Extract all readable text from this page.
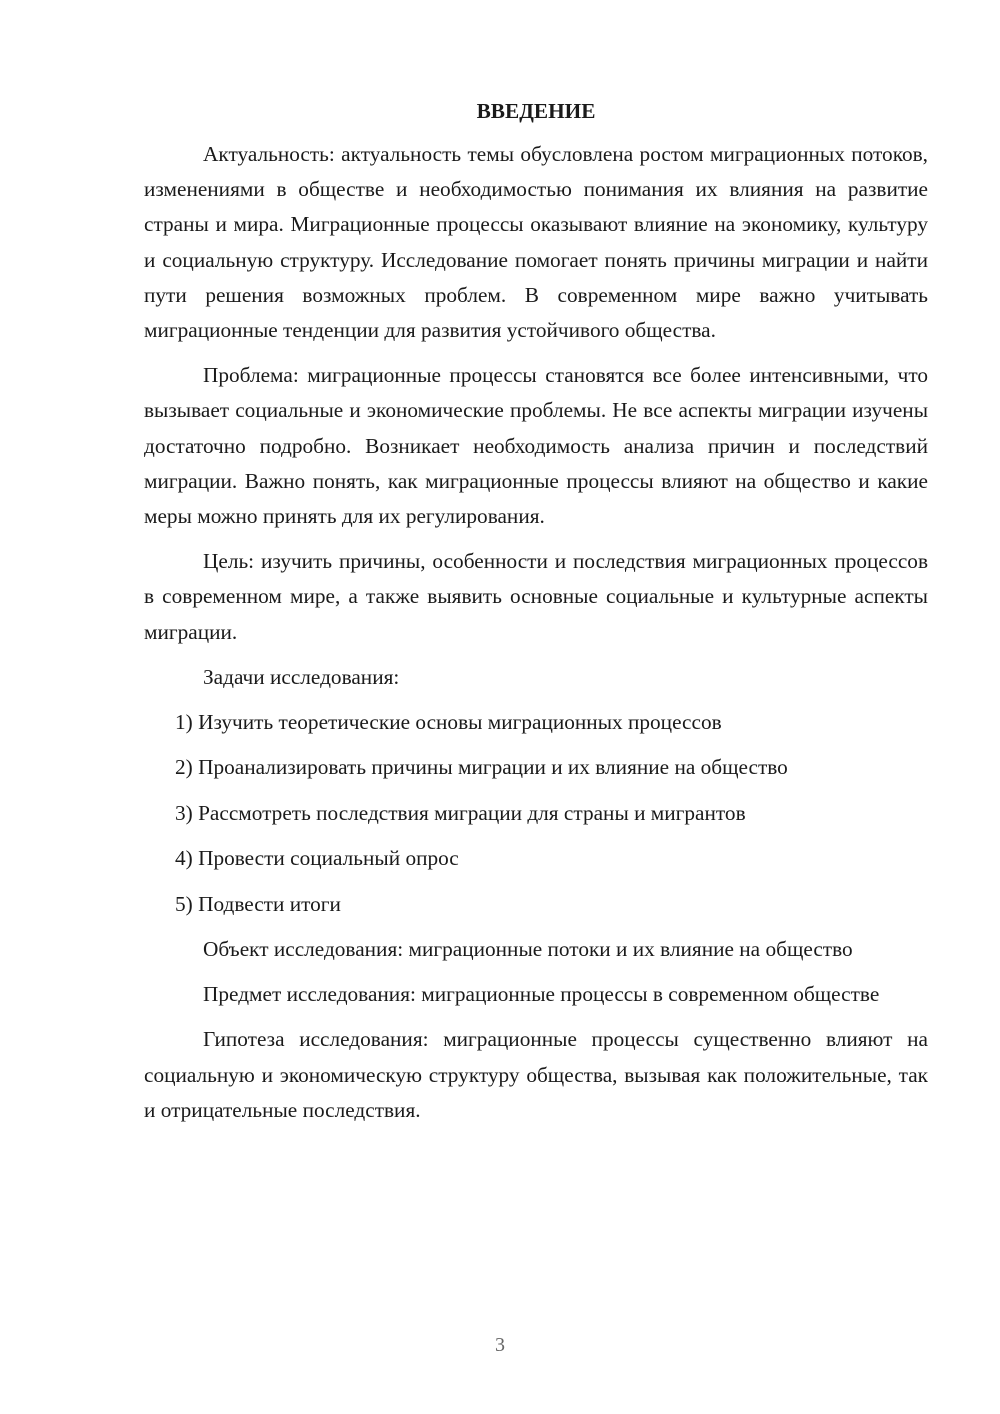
ВВЕДЕНИЕ

Актуальность: актуальность темы обусловлена ростом миграционных потоков, изменениями в обществе и необходимостью понимания их влияния на развитие страны и мира. Миграционные процессы оказывают влияние на экономику, культуру и социальную структуру. Исследование помогает понять причины миграции и найти пути решения возможных проблем. В современном мире важно учитывать миграционные тенденции для развития устойчивого общества.

Проблема: миграционные процессы становятся все более интенсивными, что вызывает социальные и экономические проблемы. Не все аспекты миграции изучены достаточно подробно. Возникает необходимость анализа причин и последствий миграции. Важно понять, как миграционные процессы влияют на общество и какие меры можно принять для их регулирования.

Цель: изучить причины, особенности и последствия миграционных процессов в современном мире, а также выявить основные социальные и культурные аспекты миграции.

Задачи исследования:

1) Изучить теоретические основы миграционных процессов
2) Проанализировать причины миграции и их влияние на общество
3) Рассмотреть последствия миграции для страны и мигрантов
4) Провести социальный опрос
5) Подвести итоги

Объект исследования: миграционные потоки и их влияние на общество

Предмет исследования: миграционные процессы в современном обществе

Гипотеза исследования: миграционные процессы существенно влияют на социальную и экономическую структуру общества, вызывая как положительные, так и отрицательные последствия.

3
